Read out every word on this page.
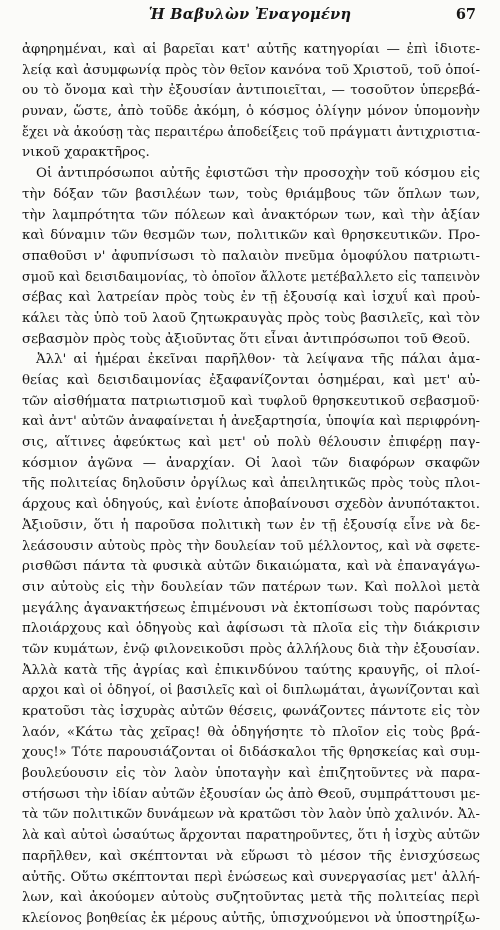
Ἡ Βαβυλὼν Ἐναγομένη	67
ἀφηρημέναι, καὶ αἱ βαρεῖαι κατ' αὐτῆς κατηγορίαι — ἐπὶ ἰδιοτε-
λείᾳ καὶ ἀσυμφωνίᾳ πρὸς τὸν θεῖον κανόνα τοῦ Χριστοῦ, τοῦ ὁποί-
ου τὸ ὄνομα καὶ τὴν ἐξουσίαν ἀντιποιεῖται, — τοσοῦτον ὑπερεβά-
ρυναν, ὥστε, ἀπὸ τοῦδε ἀκόμη, ὁ κόσμος ὀλίγην μόνον ὑπομονὴν
ἔχει νὰ ἀκούσῃ τὰς περαιτέρω ἀποδείξεις τοῦ πράγματι ἀντιχριστια-
νικοῦ χαρακτῆρος.
Οἱ ἀντιπρόσωποι αὐτῆς ἐφιστῶσι τὴν προσοχὴν τοῦ κόσμου εἰς
τὴν δόξαν τῶν βασιλέων των, τοὺς θριάμβους τῶν ὅπλων των,
τὴν λαμπρότητα τῶν πόλεων καὶ ἀνακτόρων των, καὶ τὴν ἀξίαν
καὶ δύναμιν τῶν θεσμῶν των, πολιτικῶν καὶ θρησκευτικῶν. Προ-
σπαθοῦσι ν' ἀφυπνίσωσι τὸ παλαιὸν πνεῦμα ὁμοφύλου πατριωτι-
σμοῦ καὶ δεισιδαιμονίας, τὸ ὁποῖον ἄλλοτε μετέβαλλετο εἰς ταπεινὸν
σέβας καὶ λατρείαν πρὸς τοὺς ἐν τῇ ἐξουσίᾳ καὶ ἰσχυΐ καὶ προὐ-
κάλει τὰς ὑπὸ τοῦ λαοῦ ζητωκραυγὰς πρὸς τοὺς βασιλεῖς, καὶ τὸν
σεβασμὸν πρὸς τοὺς ἀξιοῦντας ὅτι εἶναι ἀντιπρόσωποι τοῦ Θεοῦ.
Ἀλλ' αἱ ἡμέραι ἐκεῖναι παρῆλθον· τὰ λείψανα τῆς πάλαι ἀμα-
θείας καὶ δεισιδαιμονίας ἐξαφανίζονται ὁσημέραι, καὶ μετ' αὐ-
τῶν αἰσθήματα πατριωτισμοῦ καὶ τυφλοῦ θρησκευτικοῦ σεβασμοῦ·
καὶ ἀντ' αὐτῶν ἀναφαίνεται ἡ ἀνεξαρτησία, ὑποψία καὶ περιφρόνη-
σις, αἵτινες ἀφεύκτως καὶ μετ' οὐ πολὺ θέλουσιν ἐπιφέρῃ παγ-
κόσμιον ἀγῶνα — ἀναρχίαν. Οἱ λαοὶ τῶν διαφόρων σκαφῶν
τῆς πολιτείας δηλοῦσιν ὀργίλως καὶ ἀπειλητικῶς πρὸς τοὺς πλοι-
άρχους καὶ ὁδηγούς, καὶ ἐνίοτε ἀποβαίνουσι σχεδὸν ἀνυπότακτοι.
Ἀξιοῦσιν, ὅτι ἡ παροῦσα πολιτικὴ των ἐν τῇ ἐξουσίᾳ εἶνε νὰ δε-
λεάσουσιν αὐτοὺς πρὸς τὴν δουλείαν τοῦ μέλλοντος, καὶ νὰ σφετε-
ρισθῶσι πάντα τὰ φυσικὰ αὐτῶν δικαιώματα, καὶ νὰ ἐπαναγάγω-
σιν αὐτοὺς εἰς τὴν δουλείαν τῶν πατέρων των. Καὶ πολλοὶ μετὰ
μεγάλης ἀγανακτήσεως ἐπιμένουσι νὰ ἐκτοπίσωσι τοὺς παρόντας
πλοιάρχους καὶ ὁδηγοὺς καὶ ἀφίσωσι τὰ πλοῖα εἰς τὴν διάκρισιν
τῶν κυμάτων, ἐνῷ φιλονεικοῦσι πρὸς ἀλλήλους διὰ τὴν ἐξουσίαν.
Ἀλλὰ κατὰ τῆς ἀγρίας καὶ ἐπικινδύνου ταύτης κραυγῆς, οἱ πλοί-
αρχοι καὶ οἱ ὁδηγοί, οἱ βασιλεῖς καὶ οἱ διπλωμάται, ἀγωνίζονται καὶ
κρατοῦσι τὰς ἰσχυρὰς αὐτῶν θέσεις, φωνάζοντες πάντοτε εἰς τὸν
λαόν, «Κάτω τὰς χεῖρας! θὰ ὁδηγήσητε τὸ πλοῖον εἰς τοὺς βρά-
χους!» Τότε παρουσιάζονται οἱ διδάσκαλοι τῆς θρησκείας καὶ συμ-
βουλεύουσιν εἰς τὸν λαὸν ὑποταγὴν καὶ ἐπιζητοῦντες νὰ παρα-
στήσωσι τὴν ἰδίαν αὐτῶν ἐξουσίαν ὡς ἀπὸ Θεοῦ, συμπράττουσι με-
τὰ τῶν πολιτικῶν δυνάμεων νὰ κρατῶσι τὸν λαὸν ὑπὸ χαλινόν. Ἀλ-
λὰ καὶ αὐτοὶ ὡσαύτως ἄρχονται παρατηροῦντες, ὅτι ἡ ἰσχὺς αὐτῶν
παρῆλθεν, καὶ σκέπτονται νὰ εὕρωσι τὸ μέσον τῆς ἐνισχύσεως
αὐτῆς. Οὕτω σκέπτονται περὶ ἑνώσεως καὶ συνεργασίας μετ' ἀλλή-
λων, καὶ ἀκούομεν αὐτοὺς συζητοῦντας μετὰ τῆς πολιτείας περὶ
κλείονος βοηθείας ἐκ μέρους αὐτῆς, ὑπισχνούμενοι νὰ ὑποστηρίξω-
